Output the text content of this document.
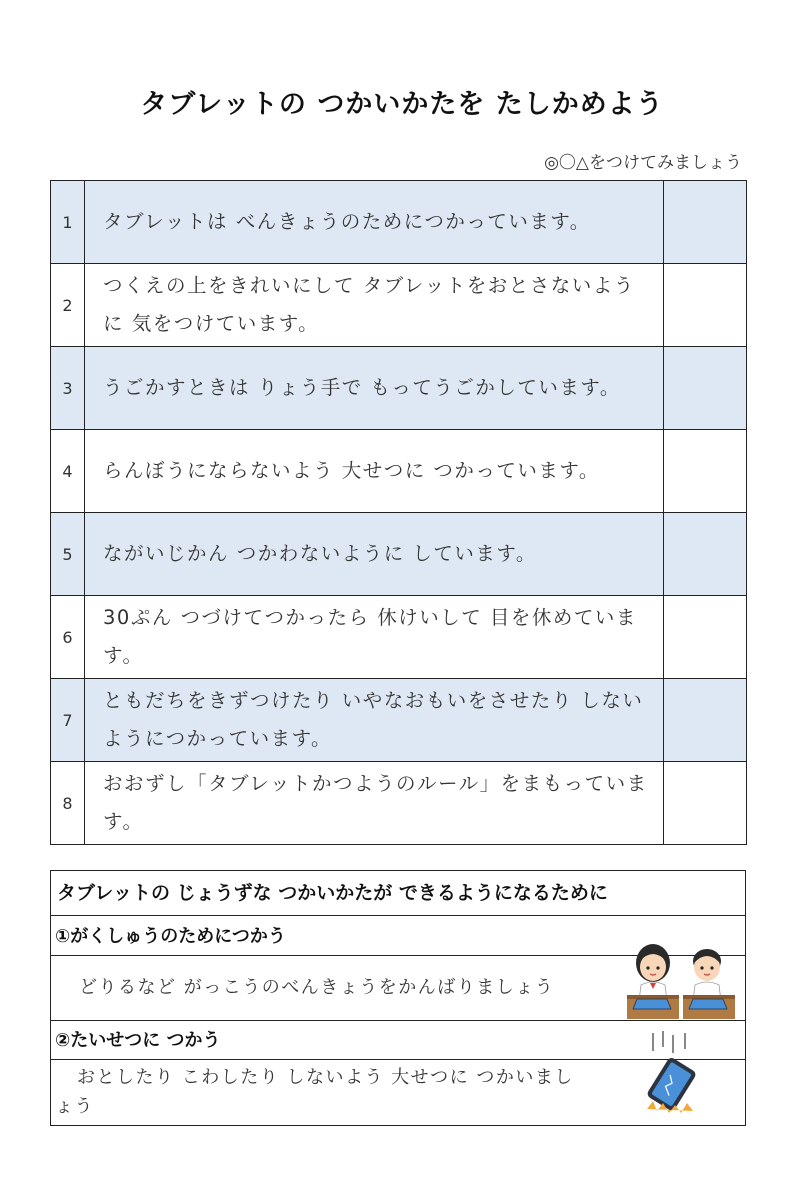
タブレットの つかいかたを たしかめよう
◎〇△をつけてみましょう
1	タブレットは べんきょうのためにつかっています。	
2	つくえの上をきれいにして タブレットをおとさないように 気をつけています。	
3	うごかすときは りょう手で もってうごかしています。	
4	らんぼうにならないよう 大せつに つかっています。	
5	ながいじかん つかわないように しています。	
6	30ぷん つづけてつかったら 休けいして 目を休めています。	
7	ともだちをきずつけたり いやなおもいをさせたり しないようにつかっています。	
8	おおずし「タブレットかつようのルール」をまもっています。	
タブレットの じょうずな つかいかたが できるようになるために
①がくしゅうのためにつかう
どりるなど がっこうのべんきょうをかんばりましょう
②たいせつに つかう
おとしたり こわしたり しないよう 大せつに つかいましょう
